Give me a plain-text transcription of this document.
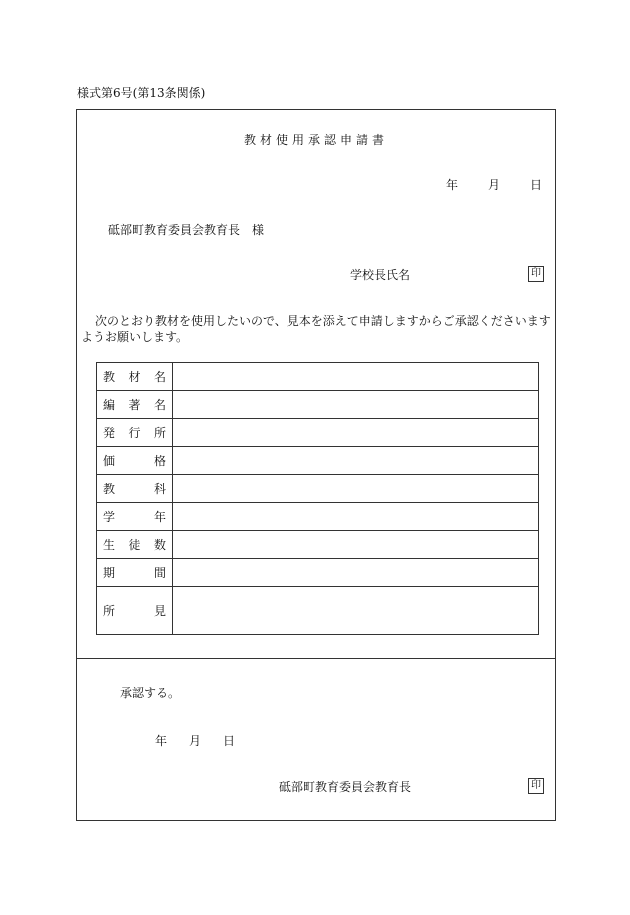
様式第6号(第13条関係)
教材使用承認申請書
年 月 日
砥部町教育委員会教育長　様
学校長氏名	印
次のとおり教材を使用したいので、見本を添えて申請しますからご承認くださいますようお願いします。
教 材 名	

編 著 名	

発 行 所	

価 格	

教 科	

学 年	

生 徒 数	

期 間	

所 見	

承認する。
年 月 日
砥部町教育委員会教育長	印
